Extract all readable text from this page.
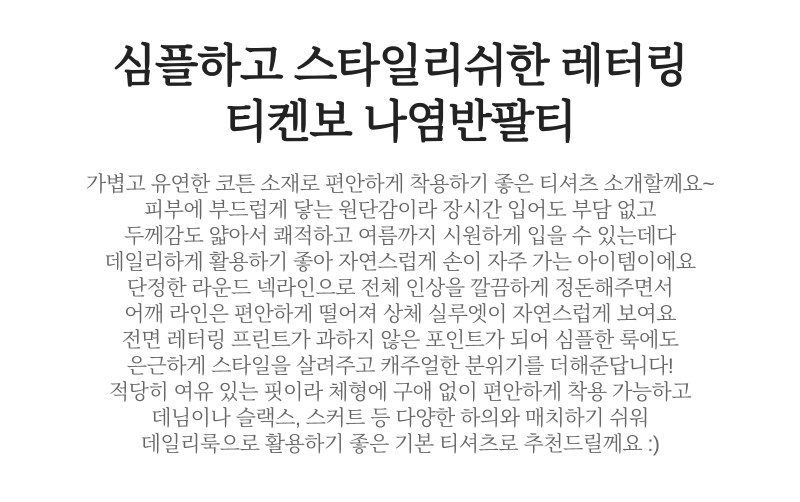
심플하고 스타일리쉬한 레터링
티켄보 나염반팔티

가볍고 유연한 코튼 소재로 편안하게 착용하기 좋은 티셔츠 소개할께요~

피부에 부드럽게 닿는 원단감이라 장시간 입어도 부담 없고

두께감도 얇아서 쾌적하고 여름까지 시원하게 입을 수 있는데다

데일리하게 활용하기 좋아 자연스럽게 손이 자주 가는 아이템이에요

단정한 라운드 넥라인으로 전체 인상을 깔끔하게 정돈해주면서

어깨 라인은 편안하게 떨어져 상체 실루엣이 자연스럽게 보여요

전면 레터링 프린트가 과하지 않은 포인트가 되어 심플한 룩에도

은근하게 스타일을 살려주고 캐주얼한 분위기를 더해준답니다!

적당히 여유 있는 핏이라 체형에 구애 없이 편안하게 착용 가능하고

데님이나 슬랙스, 스커트 등 다양한 하의와 매치하기 쉬워

데일리룩으로 활용하기 좋은 기본 티셔츠로 추천드릴께요 :)
